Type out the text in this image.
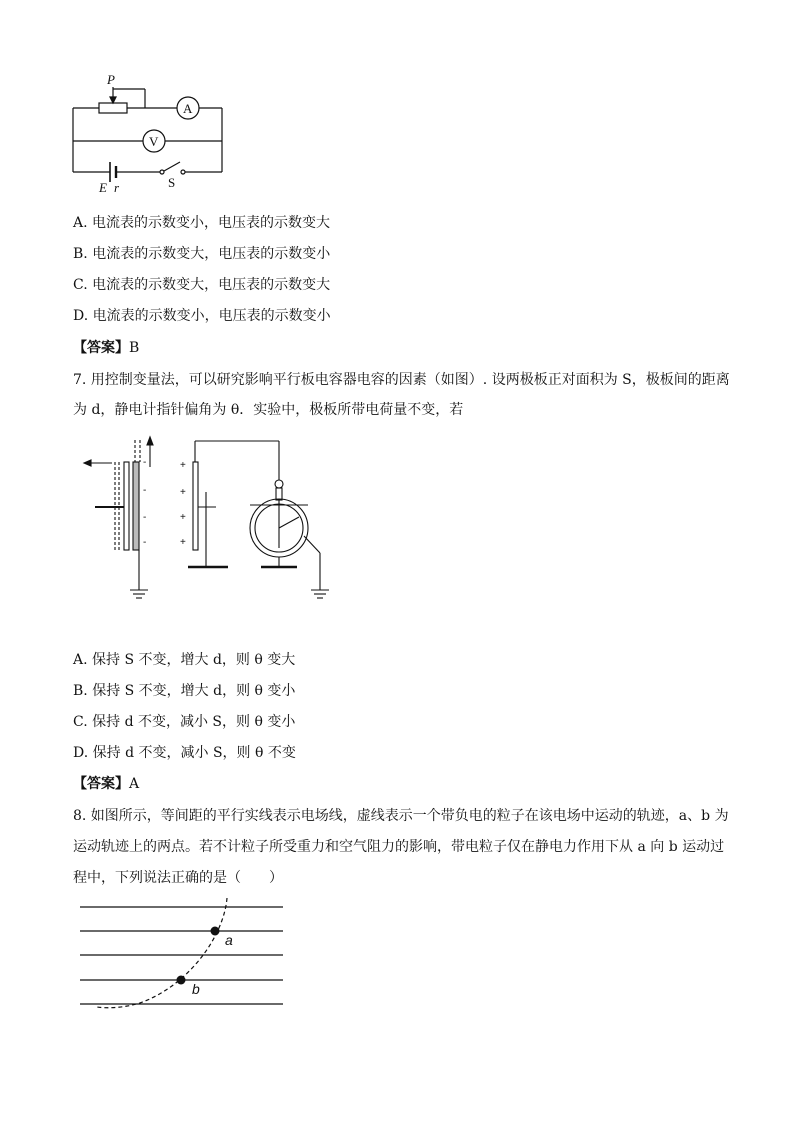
P
A
V
E r	S
A. 电流表的示数变小，电压表的示数变大
B. 电流表的示数变大，电压表的示数变小
C. 电流表的示数变大，电压表的示数变大
D. 电流表的示数变小，电压表的示数变小
【答案】B
7. 用控制变量法，可以研究影响平行板电容器电容的因素（如图）. 设两极板正对面积为 S，极板间的距离
为 d，静电计指针偏角为 θ．实验中，极板所带电荷量不变，若
-
-
-
-
+
+
+
+
A. 保持 S 不变，增大 d，则 θ 变大
B. 保持 S 不变，增大 d，则 θ 变小
C. 保持 d 不变，减小 S，则 θ 变小
D. 保持 d 不变，减小 S，则 θ 不变
【答案】A
8. 如图所示，等间距的平行实线表示电场线，虚线表示一个带负电的粒子在该电场中运动的轨迹，a、b 为
运动轨迹上的两点。若不计粒子所受重力和空气阻力的影响，带电粒子仅在静电力作用下从 a 向 b 运动过
程中，下列说法正确的是（　　）
a
b
